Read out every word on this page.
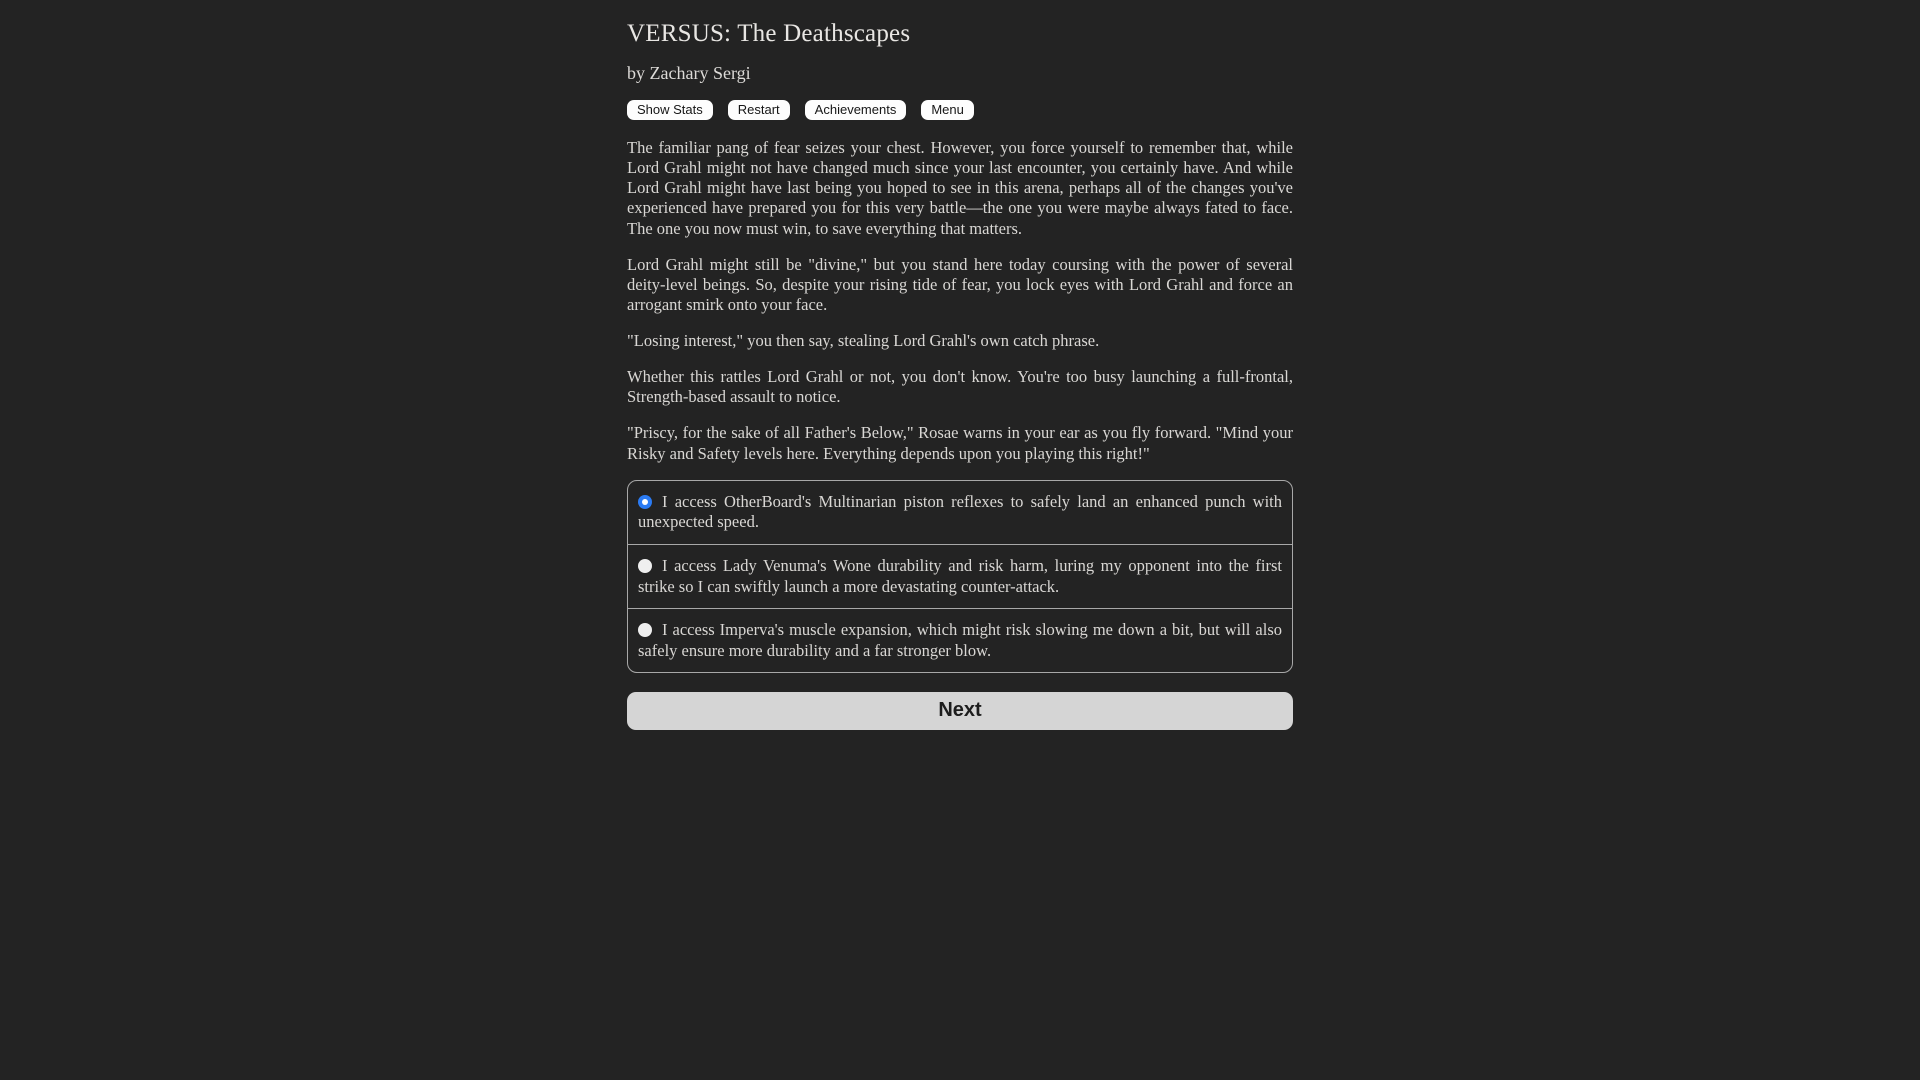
VERSUS: The Deathscapes
by Zachary Sergi
Show Stats	Restart	Achievements	Menu

The familiar pang of fear seizes your chest. However, you force yourself to remember that, while Lord Grahl might not have changed much since your last encounter, you certainly have. And while Lord Grahl might have last being you hoped to see in this arena, perhaps all of the changes you've experienced have prepared you for this very battle—the one you were maybe always fated to face. The one you now must win, to save everything that matters.

Lord Grahl might still be "divine," but you stand here today coursing with the power of several deity-level beings. So, despite your rising tide of fear, you lock eyes with Lord Grahl and force an arrogant smirk onto your face.

"Losing interest," you then say, stealing Lord Grahl's own catch phrase.

Whether this rattles Lord Grahl or not, you don't know. You're too busy launching a full-frontal, Strength-based assault to notice.

"Priscy, for the sake of all Father's Below," Rosae warns in your ear as you fly forward. "Mind your Risky and Safety levels here. Everything depends upon you playing this right!"

I access OtherBoard's Multinarian piston reflexes to safely land an enhanced punch with unexpected speed.
I access Lady Venuma's Wone durability and risk harm, luring my opponent into the first strike so I can swiftly launch a more devastating counter-attack.
I access Imperva's muscle expansion, which might risk slowing me down a bit, but will also safely ensure more durability and a far stronger blow.
Next
